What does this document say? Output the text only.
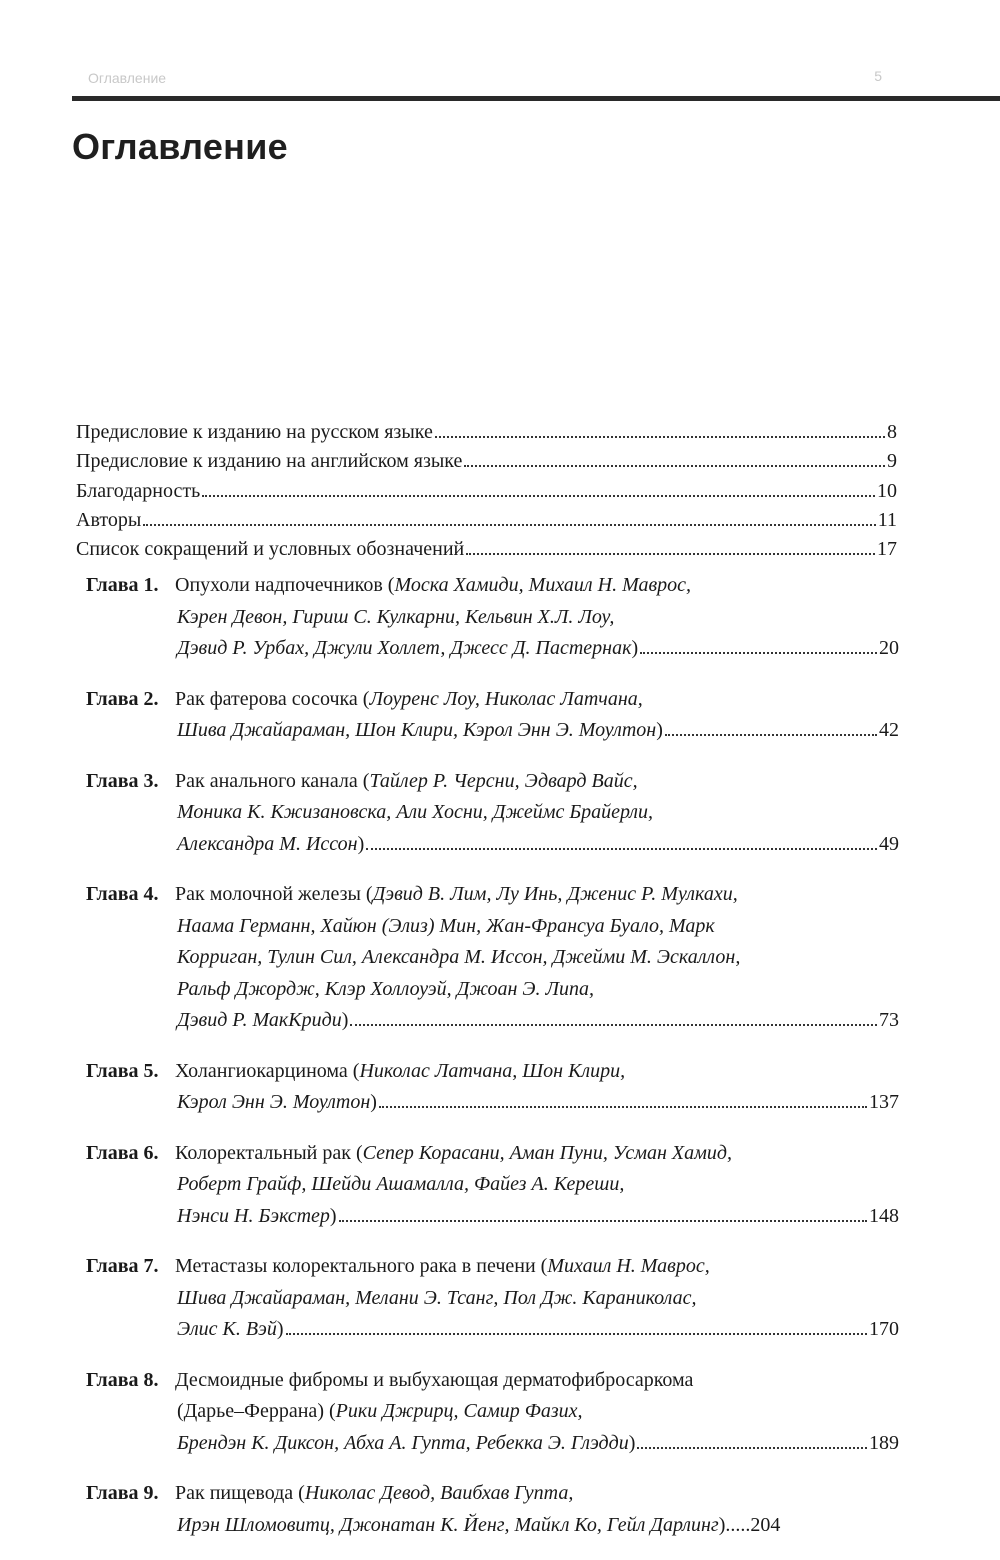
Оглавление	5
Оглавление
Предисловие к изданию на русском языке	8
Предисловие к изданию на английском языке	9
Благодарность	10
Авторы	11
Список сокращений и условных обозначений	17
Глава 1. Опухоли надпочечников ( Моска Хамиди, Михаил Н. Маврос,
Кэрен Девон, Гириш С. Кулкарни, Кельвин Х.Л. Лоу,
Дэвид Р. Урбах, Джули Холлет, Джесс Д. Пастернак )	20
Глава 2. Рак фатерова сосочка ( Лоуренс Лоу, Николас Латчана,
Шива Джайараман, Шон Клири, Кэрол Энн Э. Моултон )	42
Глава 3. Рак анального канала ( Тайлер Р. Черсни, Эдвард Вайс,
Моника К. Кжизановска, Али Хосни, Джеймс Брайерли,
Александра М. Иссон )	49
Глава 4. Рак молочной железы ( Дэвид В. Лим, Лу Инь, Дженис Р. Мулкахи,
Наама Германн, Хайюн (Элиз) Мин, Жан-Франсуа Буало, Марк
Корриган, Тулин Сил, Александра М. Иссон, Джейми М. Эскаллон,
Ральф Джордж, Клэр Холлоуэй, Джоан Э. Липа,
Дэвид Р. МакКриди )	73
Глава 5. Холангиокарцинома ( Николас Латчана, Шон Клири,
Кэрол Энн Э. Моултон )	137
Глава 6. Колоректальный рак ( Сепер Корасани, Аман Пуни, Усман Хамид,
Роберт Грайф, Шейди Ашамалла, Файез А. Кереши,
Нэнси Н. Бэкстер )	148
Глава 7. Метастазы колоректального рака в печени ( Михаил Н. Маврос,
Шива Джайараман, Мелани Э. Тсанг, Пол Дж. Караниколас,
Элис К. Вэй )	170
Глава 8. Десмоидные фибромы и выбухающая дерматофибросаркома
(Дарье–Феррана) ( Рики Джрирц, Самир Фазих,
Брендэн К. Диксон, Абха А. Гупта, Ребекка Э. Глэдди )	189
Глава 9. Рак пищевода ( Николас Девод, Ваибхав Гупта,
Ирэн Шломовитц, Джонатан К. Йенг, Майкл Ко, Гейл Дарлинг )..... 204
